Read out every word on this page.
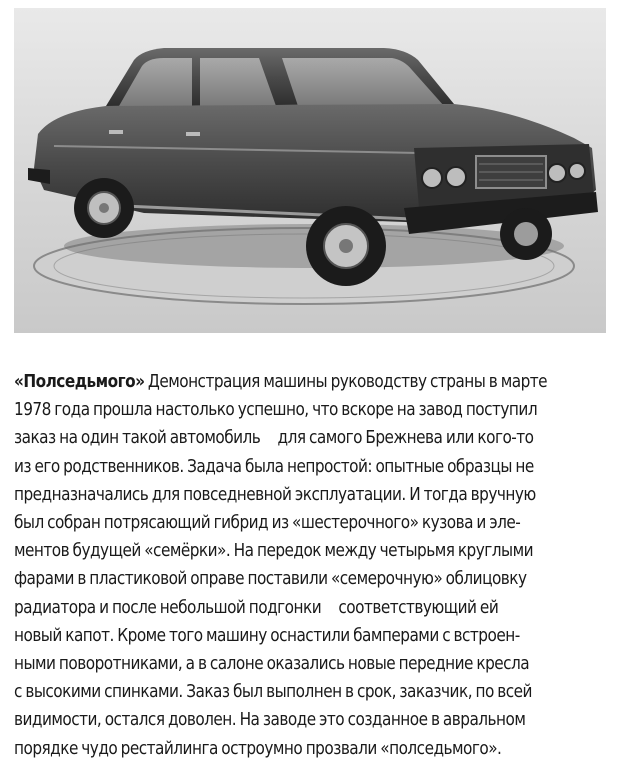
«Полседьмого» Демонстрация машины руководству страны в марте
1978 года прошла настолько успешно, что вскоре на завод поступил
заказ на один такой автомобиль     для самого Брежнева или кого-то
из его родственников. Задача была непростой: опытные образцы не
предназначались для повседневной эксплуатации. И тогда вручную
был собран потрясающий гибрид из «шестерочного» кузова и эле-
ментов будущей «семёрки». На передок между четырьмя круглыми
фарами в пластиковой оправе поставили «семерочную» облицовку
радиатора и после небольшой подгонки     соответствующий ей
новый капот. Кроме того машину оснастили бамперами с встроен-
ными поворотниками, а в салоне оказались новые передние кресла
с высокими спинками. Заказ был выполнен в срок, заказчик, по всей
видимости, остался доволен. На заводе это созданное в авральном
порядке чудо рестайлинга остроумно прозвали «полседьмого».
